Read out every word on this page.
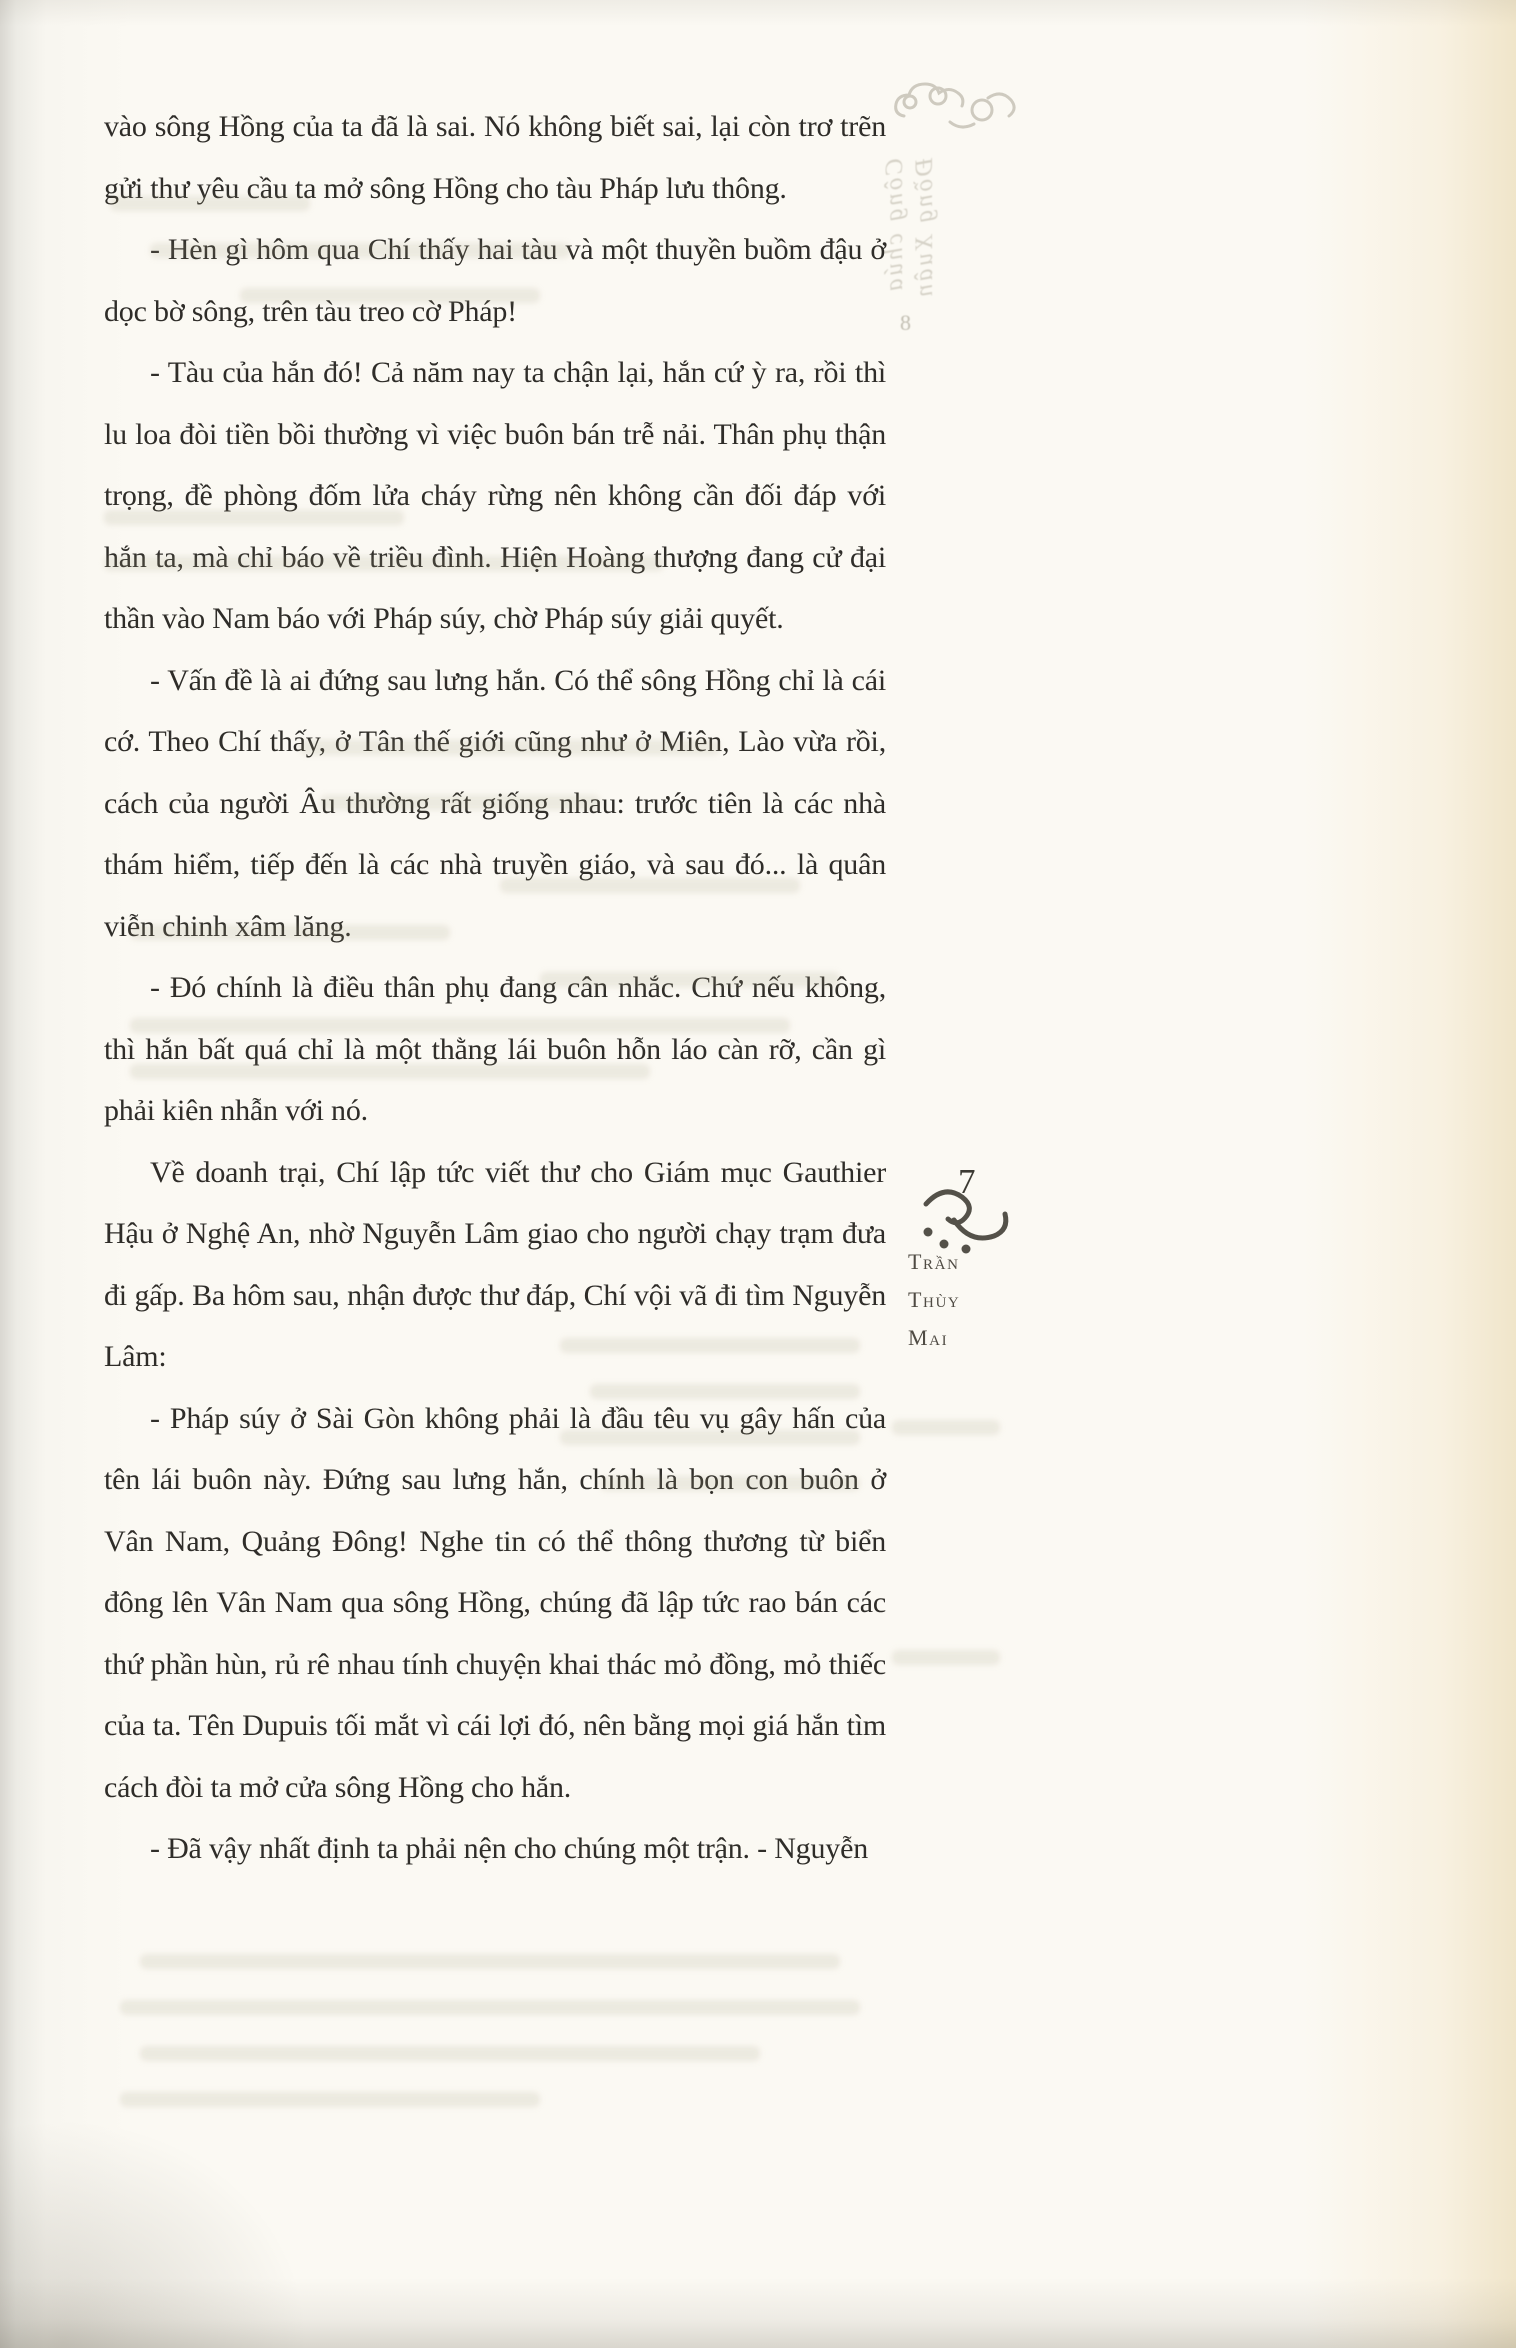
Công chúa Đồng Xuân
8

vào sông Hồng của ta đã là sai. Nó không biết sai, lại còn trơ trẽn gửi thư yêu cầu ta mở sông Hồng cho tàu Pháp lưu thông.

- Hèn gì hôm qua Chí thấy hai tàu và một thuyền buồm đậu ở dọc bờ sông, trên tàu treo cờ Pháp!

- Tàu của hắn đó! Cả năm nay ta chận lại, hắn cứ ỳ ra, rồi thì lu loa đòi tiền bồi thường vì việc buôn bán trễ nải. Thân phụ thận trọng, đề phòng đốm lửa cháy rừng nên không cần đối đáp với hắn ta, mà chỉ báo về triều đình. Hiện Hoàng thượng đang cử đại thần vào Nam báo với Pháp súy, chờ Pháp súy giải quyết.

- Vấn đề là ai đứng sau lưng hắn. Có thể sông Hồng chỉ là cái cớ. Theo Chí thấy, ở Tân thế giới cũng như ở Miên, Lào vừa rồi, cách của người Âu thường rất giống nhau: trước tiên là các nhà thám hiểm, tiếp đến là các nhà truyền giáo, và sau đó... là quân viễn chinh xâm lăng.

- Đó chính là điều thân phụ đang cân nhắc. Chứ nếu không, thì hắn bất quá chỉ là một thằng lái buôn hỗn láo càn rỡ, cần gì phải kiên nhẫn với nó.

Về doanh trại, Chí lập tức viết thư cho Giám mục Gauthier Hậu ở Nghệ An, nhờ Nguyễn Lâm giao cho người chạy trạm đưa đi gấp. Ba hôm sau, nhận được thư đáp, Chí vội vã đi tìm Nguyễn Lâm:

- Pháp súy ở Sài Gòn không phải là đầu têu vụ gây hấn của tên lái buôn này. Đứng sau lưng hắn, chính là bọn con buôn ở Vân Nam, Quảng Đông! Nghe tin có thể thông thương từ biển đông lên Vân Nam qua sông Hồng, chúng đã lập tức rao bán các thứ phần hùn, rủ rê nhau tính chuyện khai thác mỏ đồng, mỏ thiếc của ta. Tên Dupuis tối mắt vì cái lợi đó, nên bằng mọi giá hắn tìm cách đòi ta mở cửa sông Hồng cho hắn.

- Đã vậy nhất định ta phải nện cho chúng một trận. - Nguyễn

7
Trần
Thùy
Mai
